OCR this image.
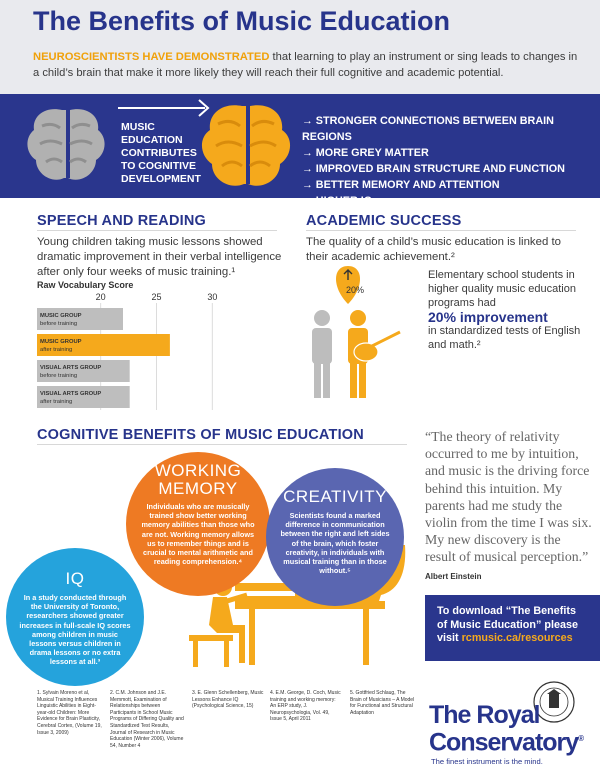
The Benefits of Music Education

NEUROSCIENTISTS HAVE DEMONSTRATED that learning to play an instrument or sing leads to changes in a child’s brain that make it more likely they will reach their full cognitive and academic potential.

MUSIC
EDUCATION
CONTRIBUTES
TO COGNITIVE
DEVELOPMENT
→ STRONGER CONNECTIONS BETWEEN BRAIN REGIONS
→ MORE GREY MATTER
→ IMPROVED BRAIN STRUCTURE AND FUNCTION
→ BETTER MEMORY AND ATTENTION
→ HIGHER IQ
SPEECH AND READING

Young children taking music lessons showed dramatic improvement in their verbal intelligence after only four weeks of music training.¹

Raw Vocabulary Score
20	25	30
MUSIC GROUP
before training
MUSIC GROUP
after training
VISUAL ARTS GROUP
before training
VISUAL ARTS GROUP
after training
ACADEMIC SUCCESS

The quality of a child’s music education is linked to their academic achievement.²

20%
Elementary school students in higher quality music education programs had
20% improvement
in standardized tests of English and math.²
COGNITIVE BENEFITS OF MUSIC EDUCATION
WORKING
MEMORY
Individuals who are musically trained show better working memory abilities than those who are not. Working memory allows us to remember things and is crucial to mental arithmetic and reading comprehension.⁴
CREATIVITY
Scientists found a marked difference in communication between the right and left sides of the brain, which foster creativity, in individuals with musical training than in those without.⁵
IQ
In a study conducted through the University of Toronto, researchers showed greater increases in full-scale IQ scores among children in music lessons versus children in drama lessons or no extra lessons at all.³
“The theory of relativity occurred to me by intuition, and music is the driving force behind this intuition. My parents had me study the violin from the time I was six. My new discovery is the result of musical perception.” Albert Einstein
To download “The Benefits of Music Education” please visit rcmusic.ca/resources
1. Sylvain Moreno et al, Musical Training Influences Linguistic Abilities in Eight-year-old Children: More Evidence for Brain Plasticity, Cerebral Cortex, (Volume 19, Issue 3, 2009)
2. C.M. Johnson and J.E. Memmott, Examination of Relationships between Participants in School Music Programs of Differing Quality and Standardized Test Results, Journal of Research in Music Education (Winter 2006), Volume 54, Number 4
3. E. Glenn Schellenberg, Music Lessons Enhance IQ (Psychological Science, 15)
4. E.M. George, D. Coch, Music training and working memory: An ERP study, J. Neuropsychologia, Vol. 49, Issue 5, April 2011
5. Gottfried Schlaug, The Brain of Musicians – A Model for Functional and Structural Adaptation	The Royal
Conservatory®
The finest instrument is the mind.
